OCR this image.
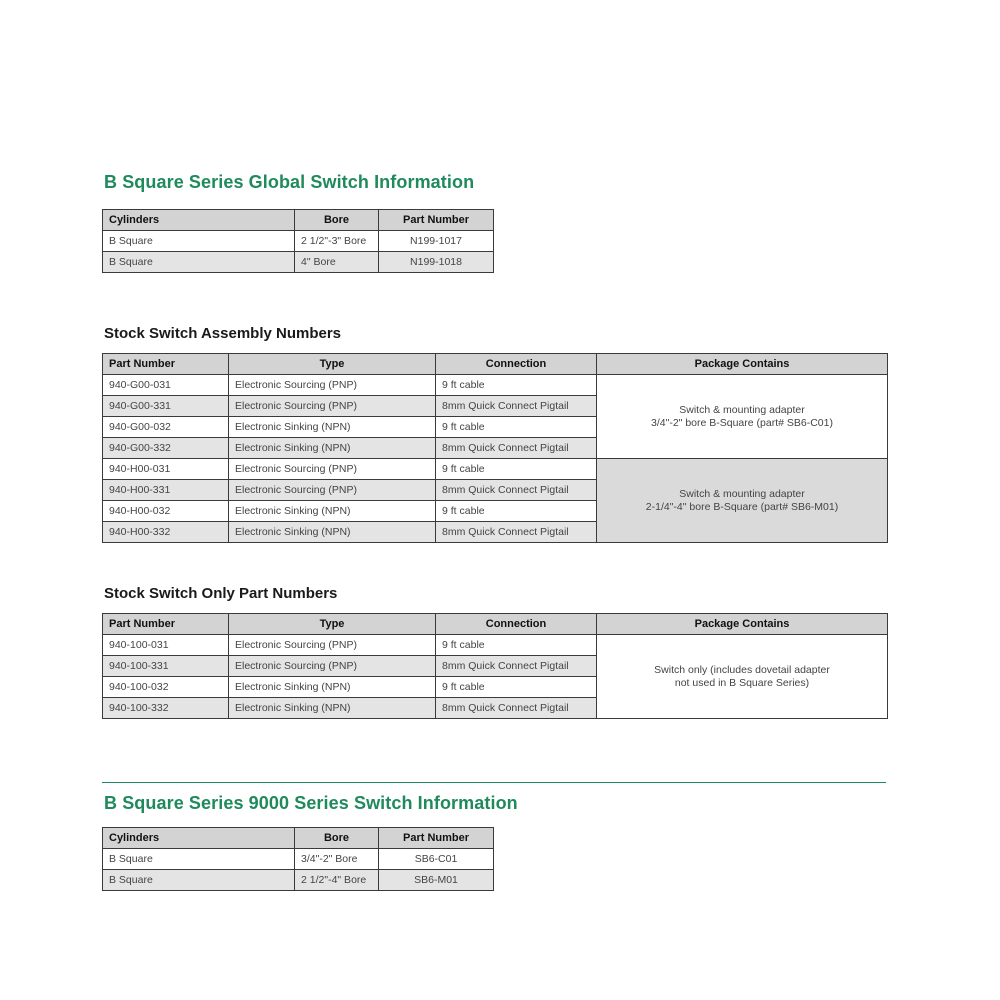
B Square Series Global Switch Information
Cylinders	Bore	Part Number
B Square	2 1/2"-3" Bore	N199-1017
B Square	4" Bore	N199-1018
Stock Switch Assembly Numbers
Part Number	Type	Connection	Package Contains
940-G00-031	Electronic Sourcing (PNP)	9 ft cable	Switch & mounting adapter
3/4"-2" bore B-Square (part# SB6-C01)

940-G00-331	Electronic Sourcing (PNP)	8mm Quick Connect Pigtail	
940-G00-032	Electronic Sinking (NPN)	9 ft cable	
940-G00-332	Electronic Sinking (NPN)	8mm Quick Connect Pigtail	
940-H00-031	Electronic Sourcing (PNP)	9 ft cable	Switch & mounting adapter
2-1/4"-4" bore B-Square (part# SB6-M01)

940-H00-331	Electronic Sourcing (PNP)	8mm Quick Connect Pigtail	
940-H00-032	Electronic Sinking (NPN)	9 ft cable	
940-H00-332	Electronic Sinking (NPN)	8mm Quick Connect Pigtail	
Stock Switch Only Part Numbers
Part Number	Type	Connection	Package Contains
940-100-031	Electronic Sourcing (PNP)	9 ft cable	Switch only (includes dovetail adapter
not used in B Square Series)

940-100-331	Electronic Sourcing (PNP)	8mm Quick Connect Pigtail	
940-100-032	Electronic Sinking (NPN)	9 ft cable	
940-100-332	Electronic Sinking (NPN)	8mm Quick Connect Pigtail	
B Square Series 9000 Series Switch Information
Cylinders	Bore	Part Number
B Square	3/4"-2" Bore	SB6-C01
B Square	2 1/2"-4" Bore	SB6-M01
